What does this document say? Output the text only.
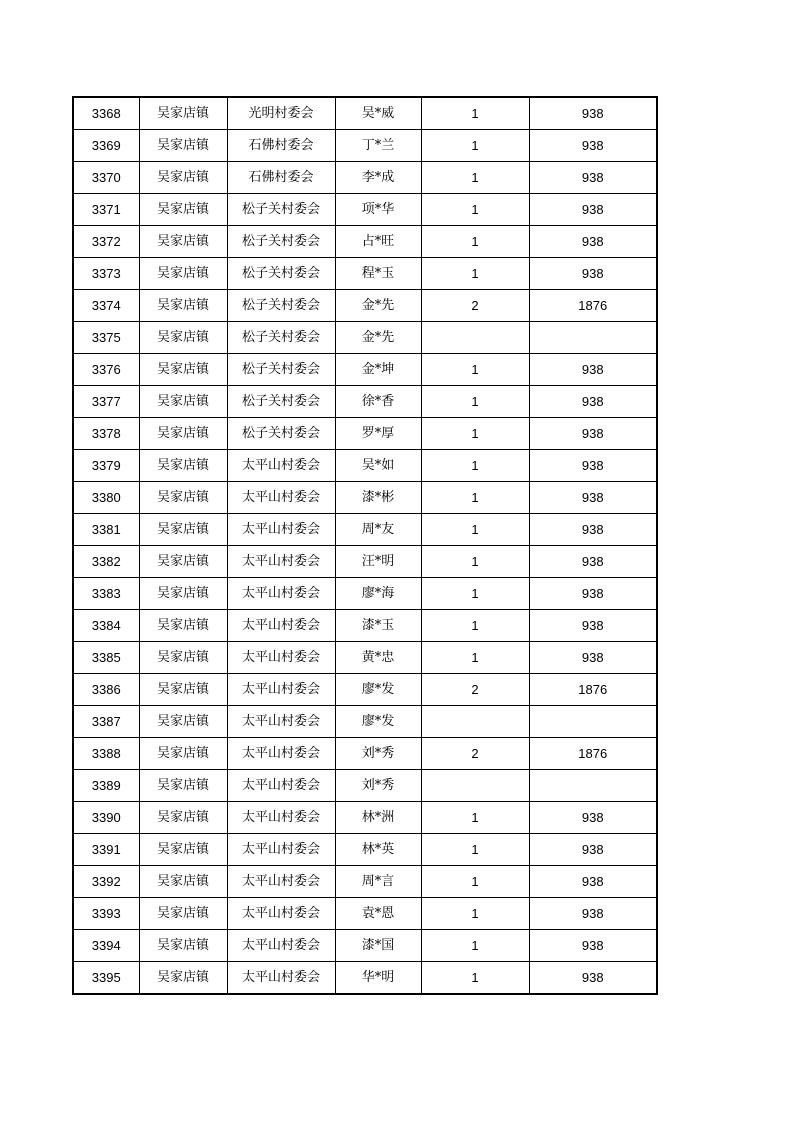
3368	吴家店镇	光明村委会	吴*威	1	938
3369	吴家店镇	石佛村委会	丁*兰	1	938
3370	吴家店镇	石佛村委会	李*成	1	938
3371	吴家店镇	松子关村委会	项*华	1	938
3372	吴家店镇	松子关村委会	占*旺	1	938
3373	吴家店镇	松子关村委会	程*玉	1	938
3374	吴家店镇	松子关村委会	金*先	2	1876
3375	吴家店镇	松子关村委会	金*先		
3376	吴家店镇	松子关村委会	金*坤	1	938
3377	吴家店镇	松子关村委会	徐*香	1	938
3378	吴家店镇	松子关村委会	罗*厚	1	938
3379	吴家店镇	太平山村委会	吴*如	1	938
3380	吴家店镇	太平山村委会	漆*彬	1	938
3381	吴家店镇	太平山村委会	周*友	1	938
3382	吴家店镇	太平山村委会	汪*明	1	938
3383	吴家店镇	太平山村委会	廖*海	1	938
3384	吴家店镇	太平山村委会	漆*玉	1	938
3385	吴家店镇	太平山村委会	黄*忠	1	938
3386	吴家店镇	太平山村委会	廖*发	2	1876
3387	吴家店镇	太平山村委会	廖*发		
3388	吴家店镇	太平山村委会	刘*秀	2	1876
3389	吴家店镇	太平山村委会	刘*秀		
3390	吴家店镇	太平山村委会	林*洲	1	938
3391	吴家店镇	太平山村委会	林*英	1	938
3392	吴家店镇	太平山村委会	周*言	1	938
3393	吴家店镇	太平山村委会	袁*恩	1	938
3394	吴家店镇	太平山村委会	漆*国	1	938
3395	吴家店镇	太平山村委会	华*明	1	938
